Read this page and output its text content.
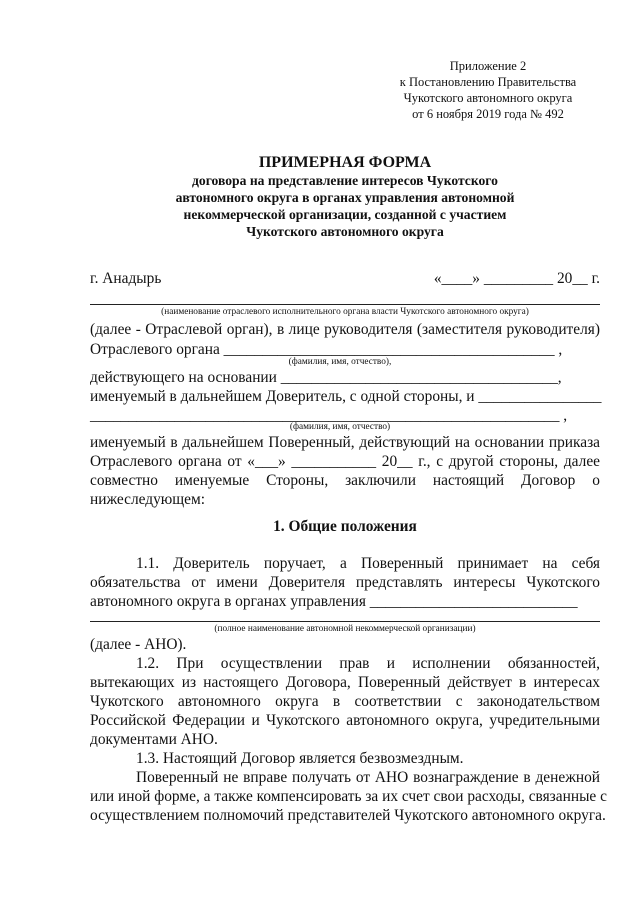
Приложение 2
к Постановлению Правительства
Чукотского автономного округа
от 6 ноября 2019 года № 492
ПРИМЕРНАЯ ФОРМА
договора на представление интересов Чукотского
автономного округа в органах управления автономной
некоммерческой организации, созданной с участием
Чукотского автономного округа
г. Анадырь	«____» _________ 20__ г.
(наименование отраслевого исполнительного органа власти Чукотского автономного округа)
(далее - Отраслевой орган), в лице руководителя (заместителя руководителя)
Отраслевого органа ___________________________________________ ,
(фамилия, имя, отчество),
действующего на основании ____________________________________,
именуемый в дальнейшем Доверитель, с одной стороны, и ________________
_____________________________________________________________ ,
(фамилия, имя, отчество)
именуемый в дальнейшем Поверенный, действующий на основании приказа
Отраслевого органа от «___» ___________ 20__ г., с другой стороны, далее
совместно именуемые Стороны, заключили настоящий Договор о
нижеследующем:
1. Общие положения
1.1. Доверитель поручает, а Поверенный принимает на себя
обязательства от имени Доверителя представлять интересы Чукотского
автономного округа в органах управления ___________________________
(полное наименование автономной некоммерческой организации)
(далее - АНО).
1.2. При осуществлении прав и исполнении обязанностей,
вытекающих из настоящего Договора, Поверенный действует в интересах
Чукотского автономного округа в соответствии с законодательством
Российской Федерации и Чукотского автономного округа, учредительными
документами АНО.
1.3. Настоящий Договор является безвозмездным.
Поверенный не вправе получать от АНО вознаграждение в денежной
или иной форме, а также компенсировать за их счет свои расходы, связанные с
осуществлением полномочий представителей Чукотского автономного округа.
